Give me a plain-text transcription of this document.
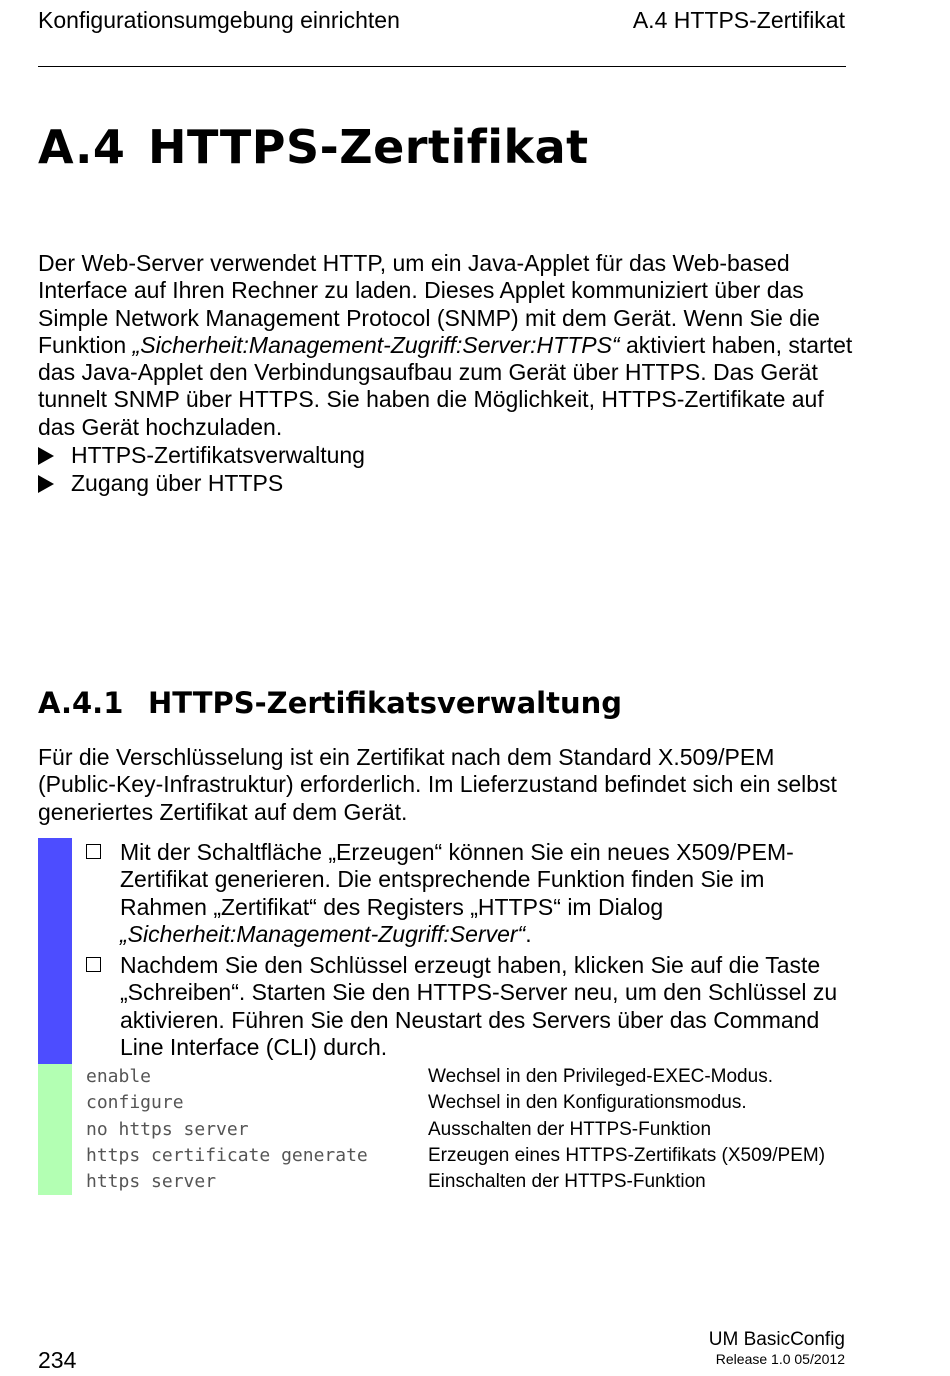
Konfigurationsumgebung einrichten	A.4 HTTPS-Zertifikat
A.4 HTTPS-Zertifikat
Der Web-Server verwendet HTTP, um ein Java-Applet für das Web-based Interface auf Ihren Rechner zu laden. Dieses Applet kommuniziert über das Simple Network Management Protocol (SNMP) mit dem Gerät. Wenn Sie die Funktion „Sicherheit:Management-Zugriff:Server:HTTPS“ aktiviert haben, startet das Java-Applet den Verbindungsaufbau zum Gerät über HTTPS. Das Gerät tunnelt SNMP über HTTPS. Sie haben die Möglichkeit, HTTPS-Zertifikate auf das Gerät hochzuladen.
HTTPS-Zertifikatsverwaltung
Zugang über HTTPS
A.4.1 HTTPS-Zertifikatsverwaltung
Für die Verschlüsselung ist ein Zertifikat nach dem Standard X.509/PEM (Public-Key-Infrastruktur) erforderlich. Im Lieferzustand befindet sich ein selbst generiertes Zertifikat auf dem Gerät.
Mit der Schaltfläche „Erzeugen“ können Sie ein neues X509/PEM-Zertifikat generieren. Die entsprechende Funktion finden Sie im Rahmen „Zertifikat“ des Registers „HTTPS“ im Dialog „Sicherheit:Management-Zugriff:Server“.
Nachdem Sie den Schlüssel erzeugt haben, klicken Sie auf die Taste „Schreiben“. Starten Sie den HTTPS-Server neu, um den Schlüssel zu aktivieren. Führen Sie den Neustart des Servers über das Command Line Interface (CLI) durch.
enable	Wechsel in den Privileged-EXEC-Modus.
configure	Wechsel in den Konfigurationsmodus.
no https server	Ausschalten der HTTPS-Funktion
https certificate generate	Erzeugen eines HTTPS-Zertifikats (X509/PEM)
https server	Einschalten der HTTPS-Funktion
234
UM BasicConfig
Release 1.0 05/2012
